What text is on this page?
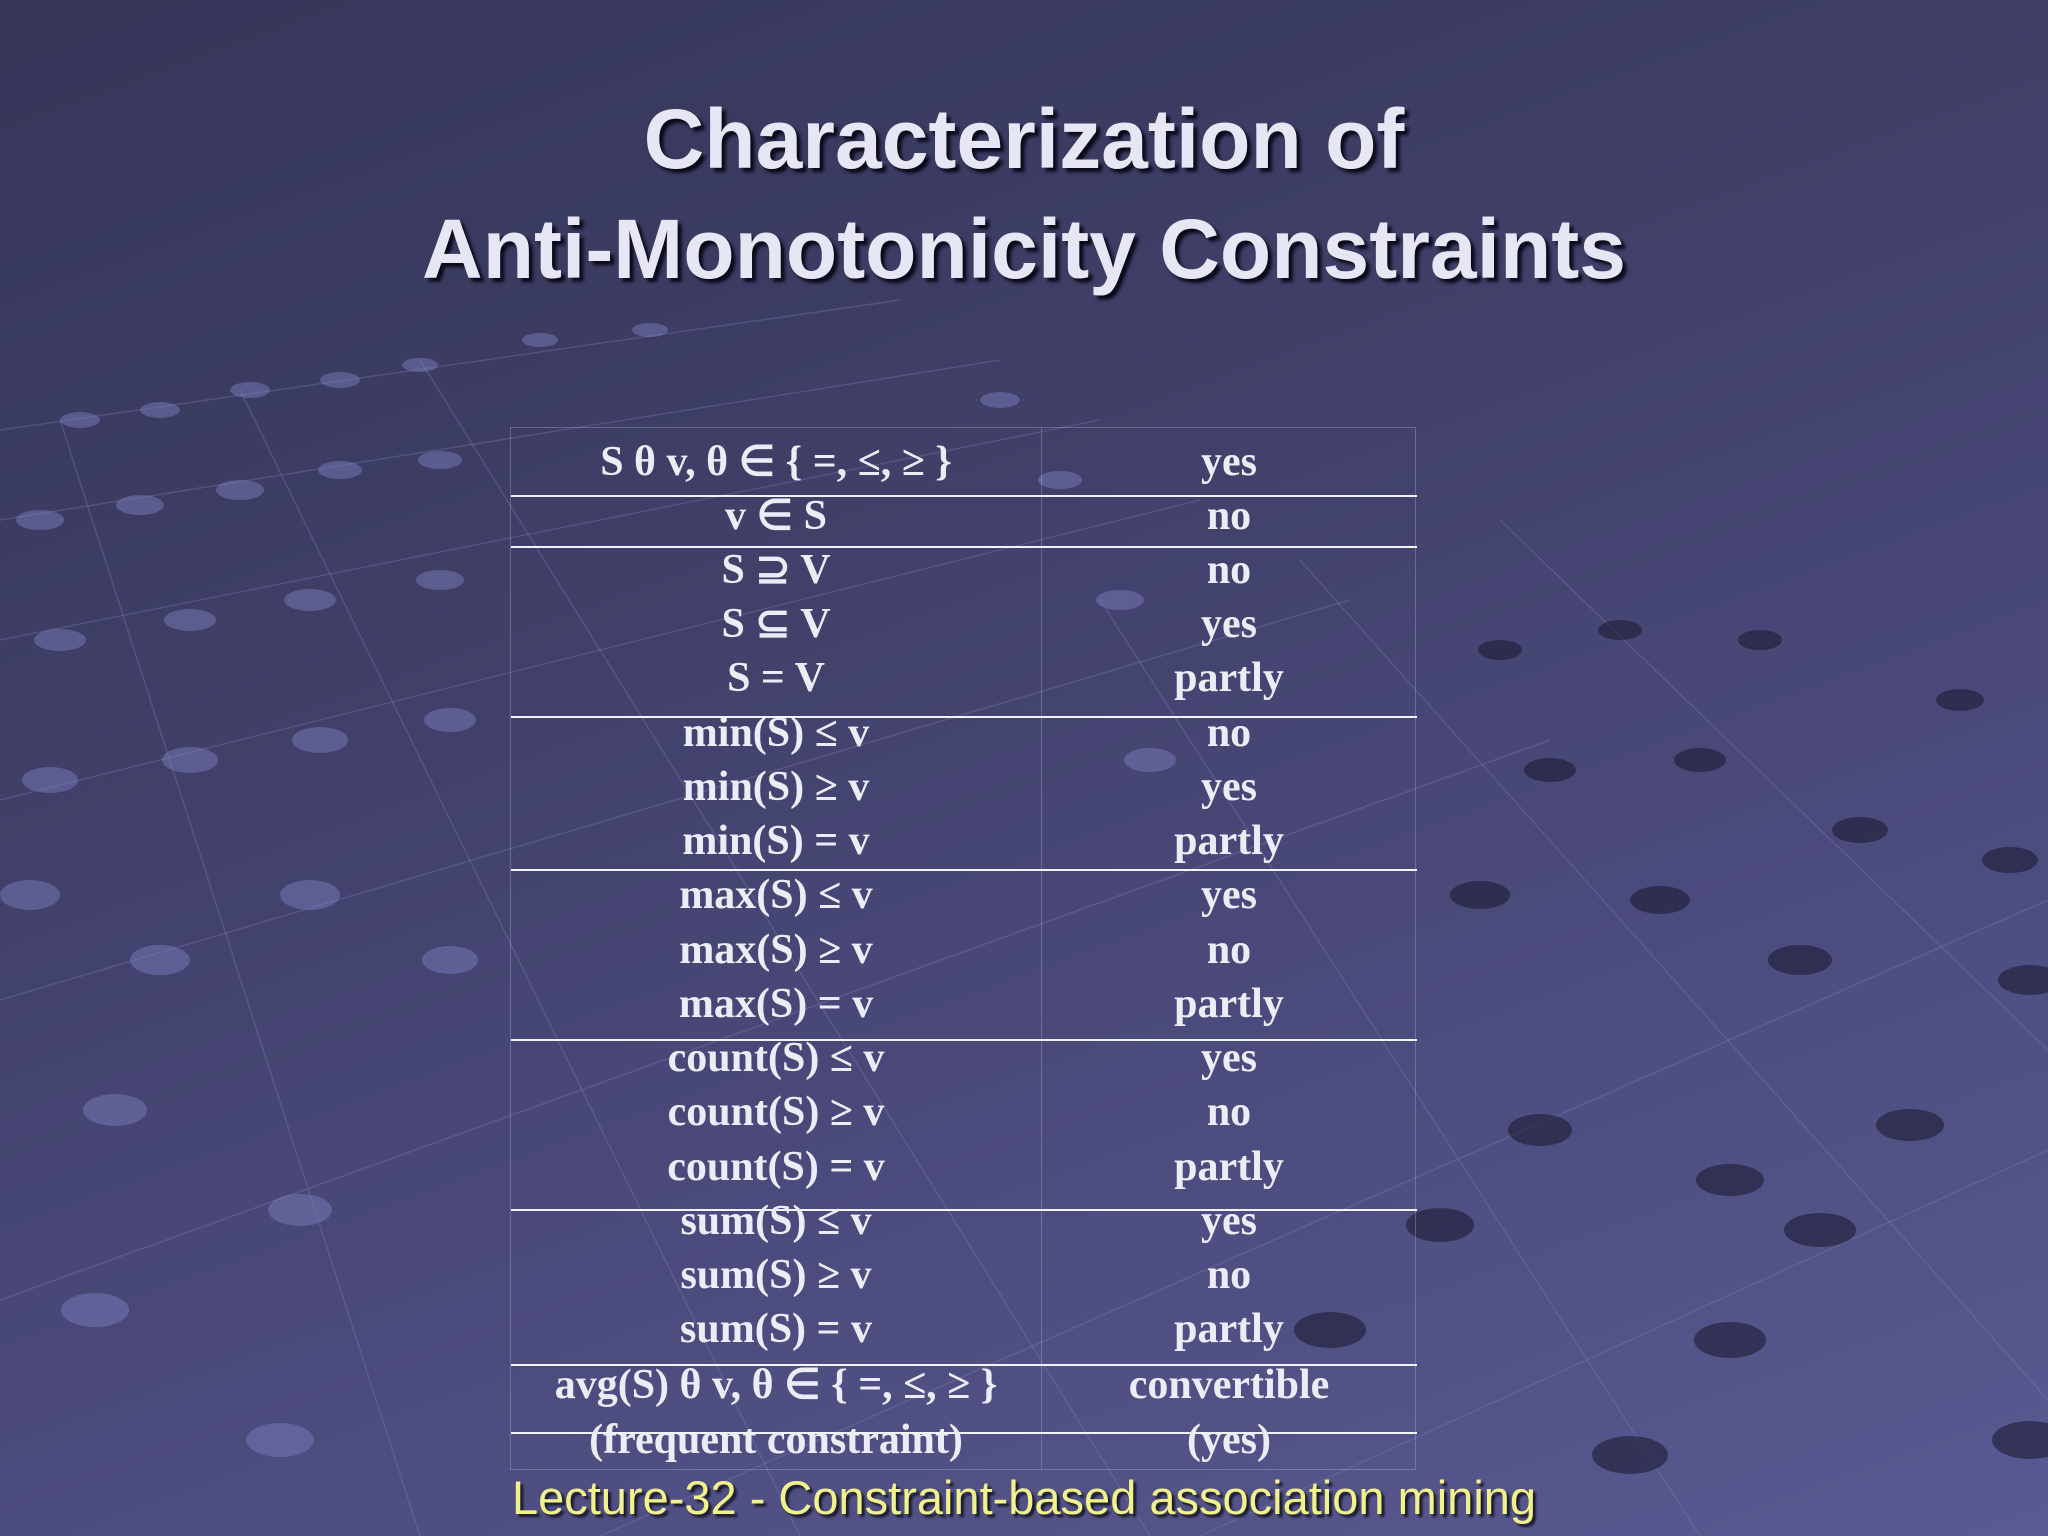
Characterization of
Anti-Monotonicity Constraints
S θ v, θ ∈ { =, ≤, ≥ }	yes
v ∈ S	no
S ⊇ V	no
S ⊆ V	yes
S = V	partly
min(S) ≤ v	no
min(S) ≥ v	yes
min(S) = v	partly
max(S) ≤ v	yes
max(S) ≥ v	no
max(S) = v	partly
count(S) ≤ v	yes
count(S) ≥ v	no
count(S) = v	partly
sum(S) ≤ v	yes
sum(S) ≥ v	no
sum(S) = v	partly
avg(S) θ v, θ ∈ { =, ≤, ≥ }	convertible
(frequent constraint)	(yes)
Lecture-32 - Constraint-based association mining
